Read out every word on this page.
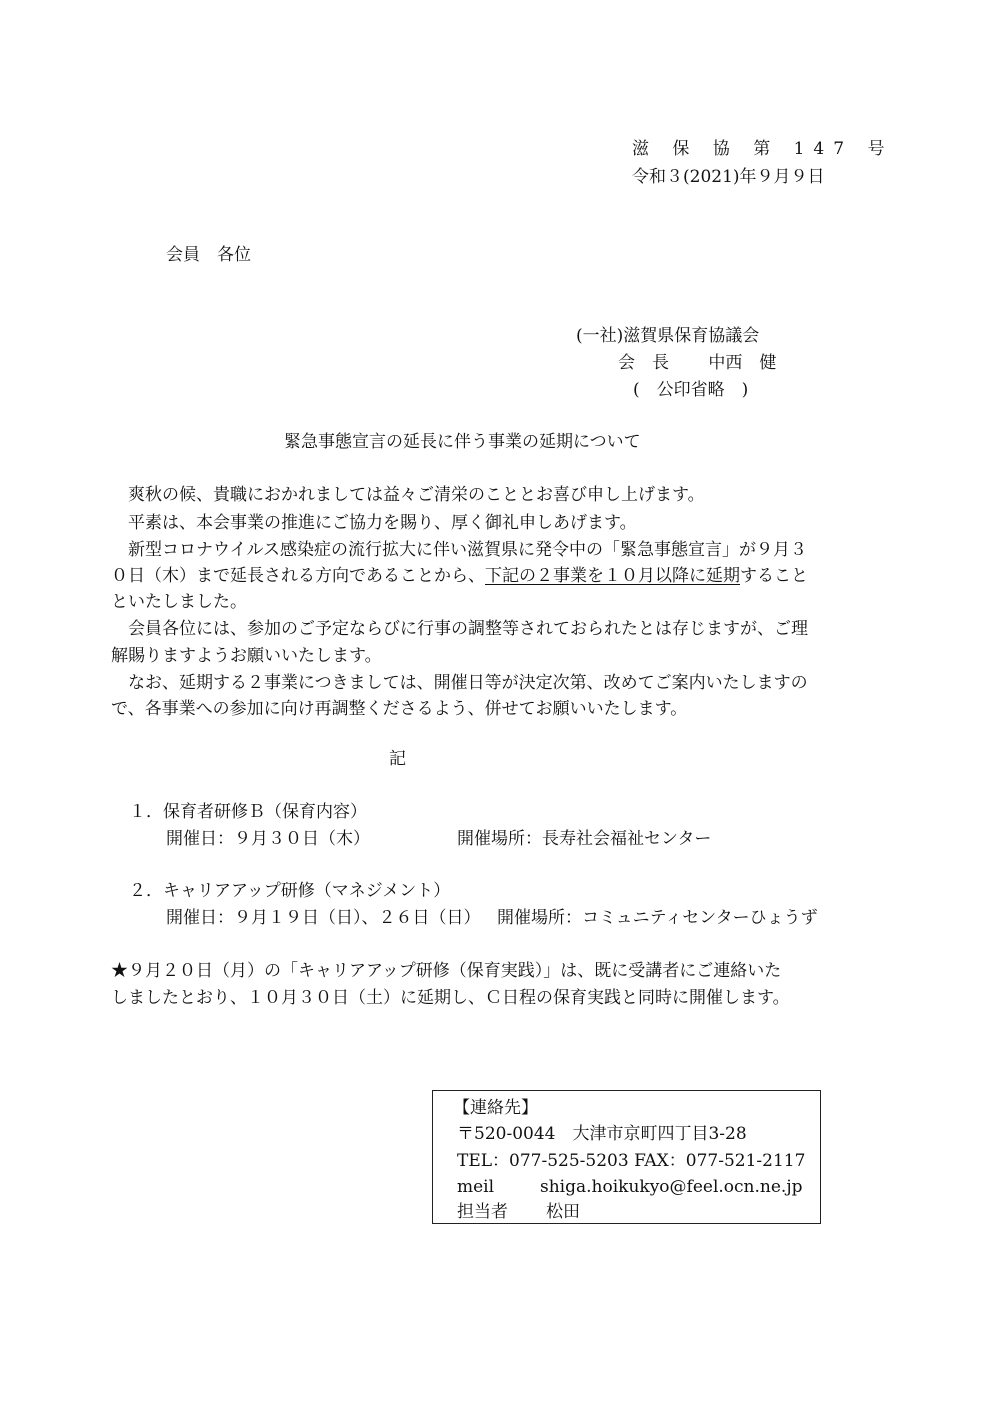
滋 保 協 第 147 号
令和３(2021)年９月９日
会員　各位
(一社)滋賀県保育協議会
会　長　　 中西　健
(　公印省略　)
緊急事態宣言の延長に伴う事業の延期について
　爽秋の候、貴職におかれましては益々ご清栄のこととお喜び申し上げます。
　平素は、本会事業の推進にご協力を賜り、厚く御礼申しあげます。
　新型コロナウイルス感染症の流行拡大に伴い滋賀県に発令中の「緊急事態宣言」が９月３
０日（木）まで延長される方向であることから、下記の２事業を１０月以降に延期すること
といたしました。
　会員各位には、参加のご予定ならびに行事の調整等されておられたとは存じますが、ご理
解賜りますようお願いいたします。
　なお、延期する２事業につきましては、開催日等が決定次第、改めてご案内いたしますの
で、各事業への参加に向け再調整くださるよう、併せてお願いいたします。
記
１．保育者研修Ｂ（保育内容）
開催日：９月３０日（木）	開催場所：長寿社会福祉センター
２．キャリアアップ研修（マネジメント）
開催日：９月１９日（日）、２６日（日） 開催場所：コミュニティセンターひょうず
★９月２０日（月）の「キャリアアップ研修（保育実践）」は、既に受講者にご連絡いた
しましたとおり、１０月３０日（土）に延期し、Ｃ日程の保育実践と同時に開催します。
【連絡先】
〒520-0044　大津市京町四丁目3-28
TEL：077-525-5203 FAX：077-521-2117
meil	shiga.hoikukyo@feel.ocn.ne.jp
担当者 松田
